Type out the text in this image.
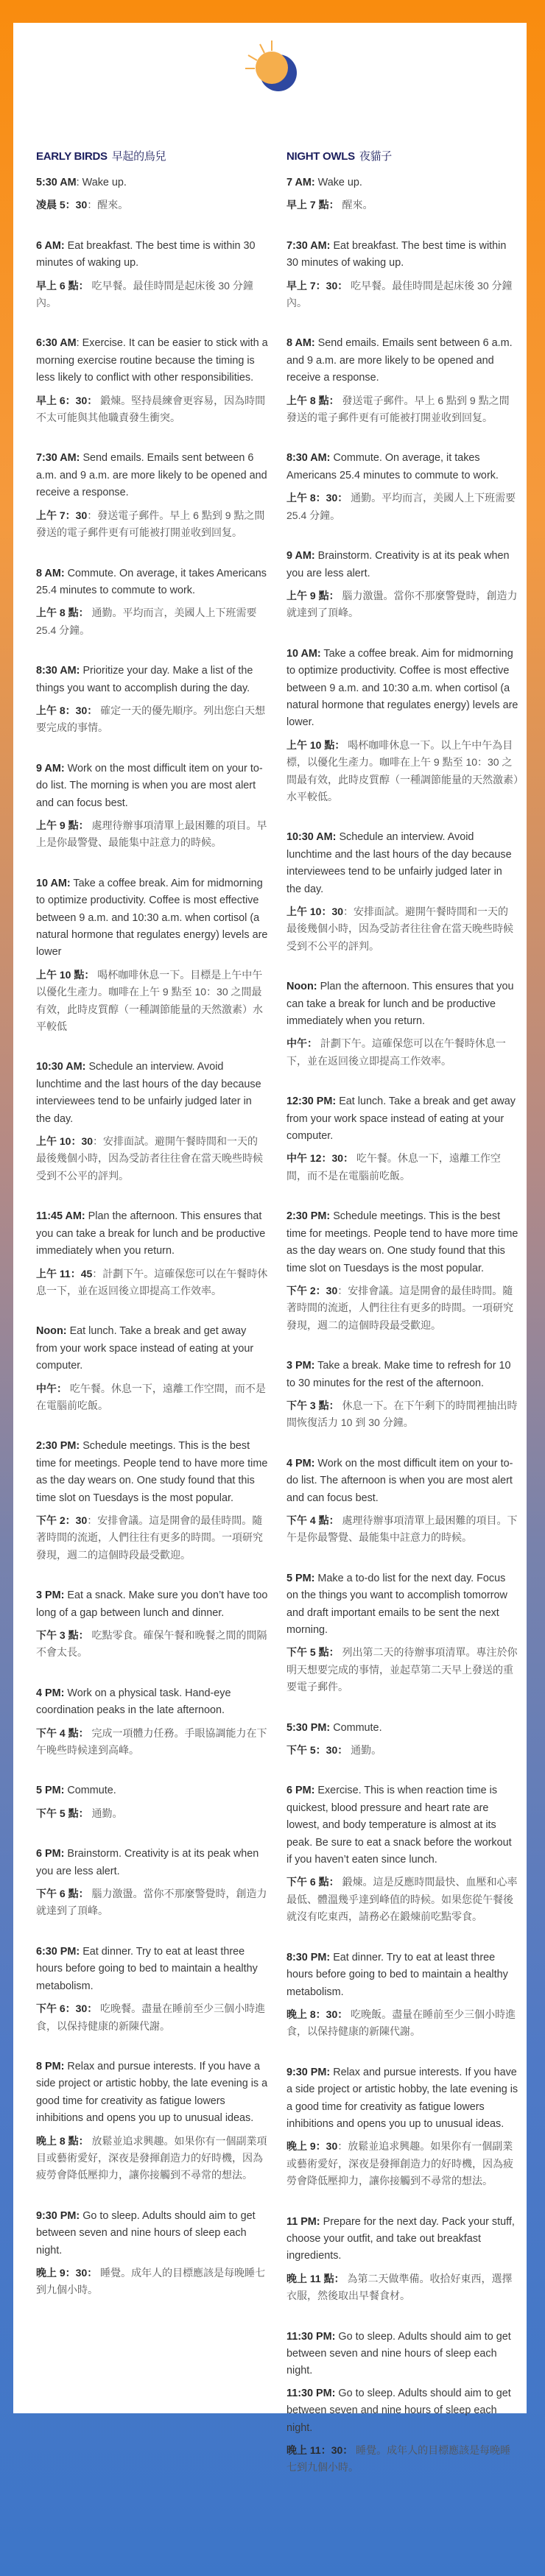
EARLY BIRDS 早起的鳥兒

5:30 AM: Wake up.

凌晨 5：30：醒來。

6 AM: Eat breakfast. The best time is within 30 minutes of waking up.

早上 6 點： 吃早餐。最佳時間是起床後 30 分鐘內。

6:30 AM: Exercise. It can be easier to stick with a morning exercise routine because the timing is less likely to conflict with other responsibilities.

早上 6：30： 鍛煉。堅持晨練會更容易，因為時間不太可能與其他職責發生衝突。

7:30 AM: Send emails. Emails sent between 6 a.m. and 9 a.m. are more likely to be opened and receive a response.

上午 7：30：發送電子郵件。早上 6 點到 9 點之間發送的電子郵件更有可能被打開並收到回复。

8 AM: Commute. On average, it takes Americans 25.4 minutes to commute to work.

上午 8 點： 通勤。平均而言，美國人上下班需要 25.4 分鐘。

8:30 AM: Prioritize your day. Make a list of the things you want to accomplish during the day.

上午 8：30： 確定一天的優先順序。列出您白天想要完成的事情。

9 AM: Work on the most difficult item on your to-do list. The morning is when you are most alert and can focus best.

上午 9 點： 處理待辦事項清單上最困難的項目。早上是你最警覺、最能集中註意力的時候。

10 AM: Take a coffee break. Aim for midmorning to optimize productivity. Coffee is most effective between 9 a.m. and 10:30 a.m. when cortisol (a natural hormone that regulates energy) levels are lower

上午 10 點： 喝杯咖啡休息一下。目標是上午中午以優化生產力。咖啡在上午 9 點至 10：30 之間最有效，此時皮質醇（一種調節能量的天然激素）水平較低

10:30 AM: Schedule an interview. Avoid lunchtime and the last hours of the day because interviewees tend to be unfairly judged later in the day.

上午 10：30：安排面試。避開午餐時間和一天的最後幾個小時，因為受訪者往往會在當天晚些時候受到不公平的評判。

11:45 AM: Plan the afternoon. This ensures that you can take a break for lunch and be productive immediately when you return.

上午 11：45：計劃下午。這確保您可以在午餐時休息一下，並在返回後立即提高工作效率。

Noon: Eat lunch. Take a break and get away from your work space instead of eating at your computer.

中午： 吃午餐。休息一下，遠離工作空間，而不是在電腦前吃飯。

2:30 PM: Schedule meetings. This is the best time for meetings. People tend to have more time as the day wears on. One study found that this time slot on Tuesdays is the most popular.

下午 2：30：安排會議。這是開會的最佳時間。隨著時間的流逝，人們往往有更多的時間。一項研究發現，週二的這個時段最受歡迎。

3 PM: Eat a snack. Make sure you don’t have too long of a gap between lunch and dinner.

下午 3 點： 吃點零食。確保午餐和晚餐之間的間隔不會太長。

4 PM: Work on a physical task. Hand-eye coordination peaks in the late afternoon.

下午 4 點： 完成一項體力任務。手眼協調能力在下午晚些時候達到高峰。

5 PM: Commute.

下午 5 點： 通勤。

6 PM: Brainstorm. Creativity is at its peak when you are less alert.

下午 6 點： 腦力激盪。當你不那麼警覺時，創造力就達到了頂峰。

6:30 PM: Eat dinner. Try to eat at least three hours before going to bed to maintain a healthy metabolism.

下午 6：30： 吃晚餐。盡量在睡前至少三個小時進食，以保持健康的新陳代謝。

8 PM: Relax and pursue interests. If you have a side project or artistic hobby, the late evening is a good time for creativity as fatigue lowers inhibitions and opens you up to unusual ideas.

晚上 8 點： 放鬆並追求興趣。如果你有一個副業項目或藝術愛好，深夜是發揮創造力的好時機，因為疲勞會降低壓抑力，讓你接觸到不尋常的想法。

9:30 PM: Go to sleep. Adults should aim to get between seven and nine hours of sleep each night.

晚上 9：30： 睡覺。成年人的目標應該是每晚睡七到九個小時。

NIGHT OWLS 夜貓子

7 AM: Wake up.

早上 7 點： 醒來。

7:30 AM: Eat breakfast. The best time is within 30 minutes of waking up.

早上 7：30： 吃早餐。最佳時間是起床後 30 分鐘內。

8 AM: Send emails. Emails sent between 6 a.m. and 9 a.m. are more likely to be opened and receive a response.

上午 8 點： 發送電子郵件。早上 6 點到 9 點之間發送的電子郵件更有可能被打開並收到回复。

8:30 AM: Commute. On average, it takes Americans 25.4 minutes to commute to work.

上午 8：30： 通勤。平均而言，美國人上下班需要 25.4 分鐘。

9 AM: Brainstorm. Creativity is at its peak when you are less alert.

上午 9 點： 腦力激盪。當你不那麼警覺時，創造力就達到了頂峰。

10 AM: Take a coffee break. Aim for midmorning to optimize productivity. Coffee is most effective between 9 a.m. and 10:30 a.m. when cortisol (a natural hormone that regulates energy) levels are lower.

上午 10 點： 喝杯咖啡休息一下。以上午中午為目標，以優化生產力。咖啡在上午 9 點至 10：30 之間最有效，此時皮質醇（一種調節能量的天然激素）水平較低。

10:30 AM: Schedule an interview. Avoid lunchtime and the last hours of the day because interviewees tend to be unfairly judged later in the day.

上午 10：30：安排面試。避開午餐時間和一天的最後幾個小時，因為受訪者往往會在當天晚些時候受到不公平的評判。

Noon: Plan the afternoon. This ensures that you can take a break for lunch and be productive immediately when you return.

中午： 計劃下午。這確保您可以在午餐時休息一下，並在返回後立即提高工作效率。

12:30 PM: Eat lunch. Take a break and get away from your work space instead of eating at your computer.

中午 12：30： 吃午餐。休息一下，遠離工作空間，而不是在電腦前吃飯。

2:30 PM: Schedule meetings. This is the best time for meetings. People tend to have more time as the day wears on. One study found that this time slot on Tuesdays is the most popular.

下午 2：30：安排會議。這是開會的最佳時間。隨著時間的流逝，人們往往有更多的時間。一項研究發現，週二的這個時段最受歡迎。

3 PM: Take a break. Make time to refresh for 10 to 30 minutes for the rest of the afternoon.

下午 3 點： 休息一下。在下午剩下的時間裡抽出時間恢復活力 10 到 30 分鐘。

4 PM: Work on the most difficult item on your to-do list. The afternoon is when you are most alert and can focus best.

下午 4 點： 處理待辦事項清單上最困難的項目。下午是你最警覺、最能集中註意力的時候。

5 PM: Make a to-do list for the next day. Focus on the things you want to accomplish tomorrow and draft important emails to be sent the next morning.

下午 5 點： 列出第二天的待辦事項清單。專注於你明天想要完成的事情，並起草第二天早上發送的重要電子郵件。

5:30 PM: Commute.

下午 5：30： 通勤。

6 PM: Exercise. This is when reaction time is quickest, blood pressure and heart rate are lowest, and body temperature is almost at its peak. Be sure to eat a snack before the workout if you haven’t eaten since lunch.

下午 6 點： 鍛煉。這是反應時間最快、血壓和心率最低、體溫幾乎達到峰值的時候。如果您從午餐後就沒有吃東西，請務必在鍛煉前吃點零食。

8:30 PM: Eat dinner. Try to eat at least three hours before going to bed to maintain a healthy metabolism.

晚上 8：30： 吃晚飯。盡量在睡前至少三個小時進食，以保持健康的新陳代謝。

9:30 PM: Relax and pursue interests. If you have a side project or artistic hobby, the late evening is a good time for creativity as fatigue lowers inhibitions and opens you up to unusual ideas.

晚上 9：30：放鬆並追求興趣。如果你有一個副業或藝術愛好，深夜是發揮創造力的好時機，因為疲勞會降低壓抑力，讓你接觸到不尋常的想法。

11 PM: Prepare for the next day. Pack your stuff, choose your outfit, and take out breakfast ingredients.

晚上 11 點： 為第二天做準備。收拾好東西，選擇衣服，然後取出早餐食材。

11:30 PM: Go to sleep. Adults should aim to get between seven and nine hours of sleep each night.

11:30 PM: Go to sleep. Adults should aim to get between seven and nine hours of sleep each night.

晚上 11：30： 睡覺。成年人的目標應該是每晚睡七到九個小時。
